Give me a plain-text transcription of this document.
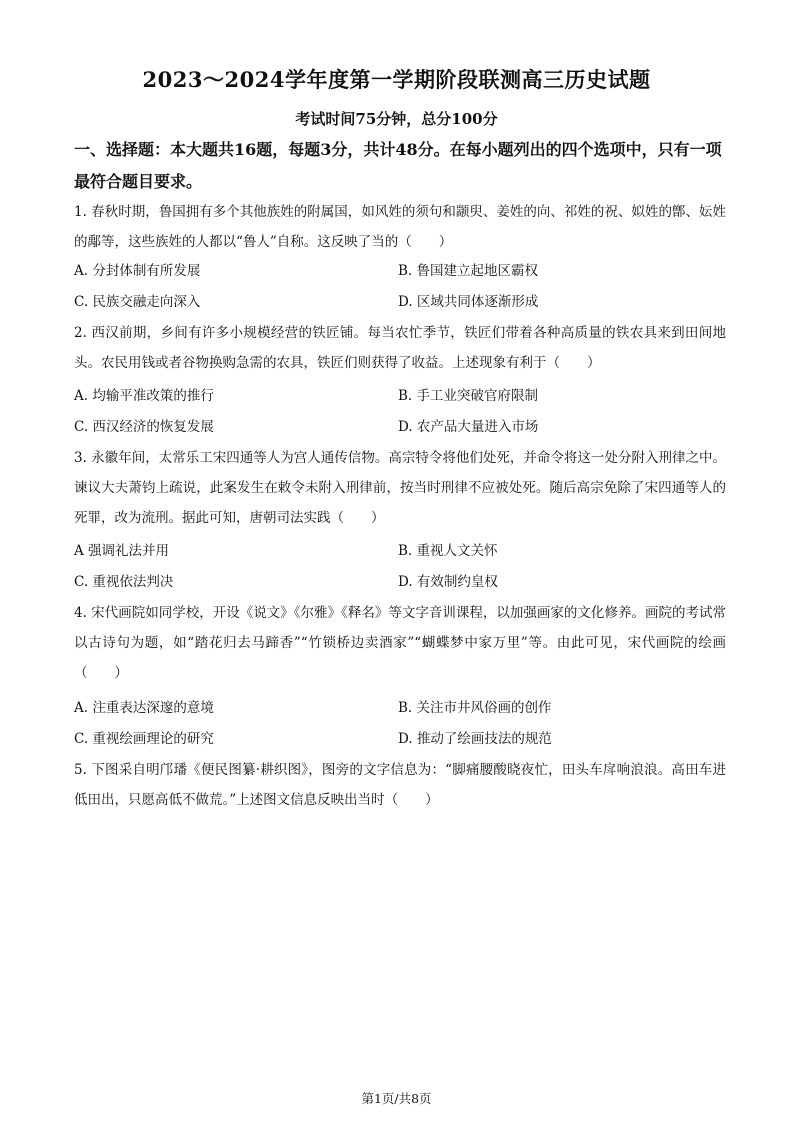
2023～2024学年度第一学期阶段联测高三历史试题
考试时间75分钟，总分100分
一、选择题：本大题共16题，每题3分，共计48分。在每小题列出的四个选项中，只有一项最符合题目要求。
1. 春秋时期，鲁国拥有多个其他族姓的附属国，如风姓的须句和颛臾、姜姓的向、祁姓的祝、姒姓的鄫、妘姓的鄅等，这些族姓的人都以“鲁人”自称。这反映了当的（　　）
A. 分封体制有所发展	B. 鲁国建立起地区霸权
C. 民族交融走向深入	D. 区域共同体逐渐形成
2. 西汉前期，乡间有许多小规模经营的铁匠铺。每当农忙季节，铁匠们带着各种高质量的铁农具来到田间地头。农民用钱或者谷物换购急需的农具，铁匠们则获得了收益。上述现象有利于（　　）
A. 均输平准改策的推行	B. 手工业突破官府限制
C. 西汉经济的恢复发展	D. 农产品大量进入市场
3. 永徽年间，太常乐工宋四通等人为宫人通传信物。高宗特令将他们处死，并命令将这一处分附入刑律之中。谏议大夫萧钧上疏说，此案发生在敕令未附入刑律前，按当时刑律不应被处死。随后高宗免除了宋四通等人的死罪，改为流刑。据此可知，唐朝司法实践（　　）
A 强调礼法并用	B. 重视人文关怀
C. 重视依法判决	D. 有效制约皇权
4. 宋代画院如同学校，开设《说文》《尔雅》《释名》等文字音训课程，以加强画家的文化修养。画院的考试常以古诗句为题，如“踏花归去马蹄香”“竹锁桥边卖酒家”“蝴蝶梦中家万里”等。由此可见，宋代画院的绘画（　　）
A. 注重表达深邃的意境	B. 关注市井风俗画的创作
C. 重视绘画理论的研究	D. 推动了绘画技法的规范
5. 下图采自明邝璠《便民图纂·耕织图》，图旁的文字信息为：“脚痛腰酸晓夜忙，田头车戽响浪浪。高田车进低田出，只愿高低不做荒。”上述图文信息反映出当时（　　）
第1页/共8页
